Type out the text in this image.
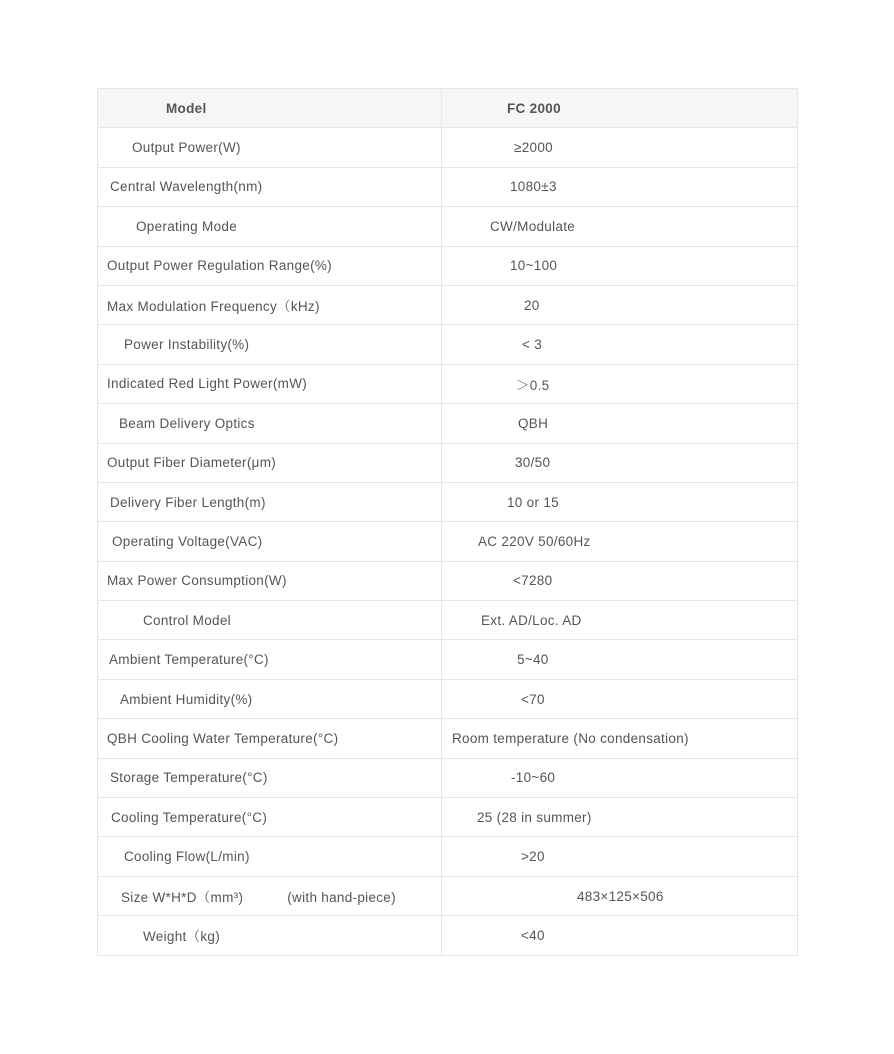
Model	FC 2000

Output Power(W)	≥2000

Central Wavelength(nm)	1080±3

Operating Mode	CW/Modulate

Output Power Regulation Range(%)	10~100

Max Modulation Frequency（kHz)	20

Power Instability(%)	< 3

Indicated Red Light Power(mW)	＞0.5

Beam Delivery Optics	QBH

Output Fiber Diameter(μm)	30/50

Delivery Fiber Length(m)	10 or 15

Operating Voltage(VAC)	AC 220V 50/60Hz

Max Power Consumption(W)	<7280

Control Model	Ext. AD/Loc. AD

Ambient Temperature(°C)	5~40

Ambient Humidity(%)	<70

QBH Cooling Water Temperature(°C)	Room temperature (No condensation)

Storage Temperature(°C)	-10~60

Cooling Temperature(°C)	25 (28 in summer)

Cooling Flow(L/min)	>20

Size W*H*D（mm³) (with hand-piece)	483×125×506

Weight（kg)	<40
